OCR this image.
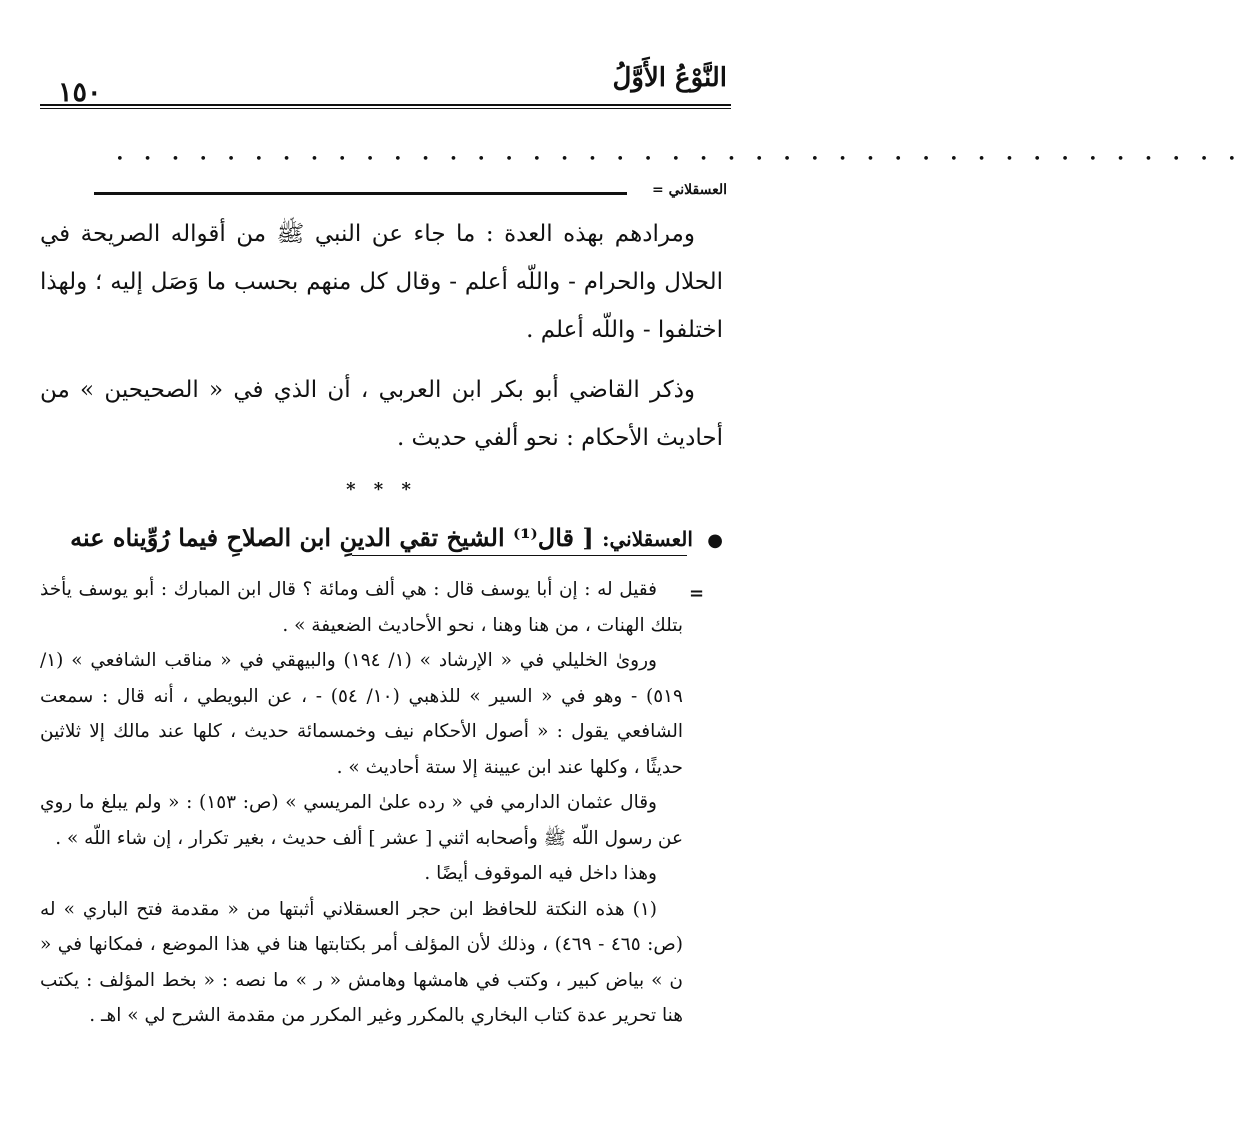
١٥٠	النَّوْعُ الأَوَّلُ
• • • • • • • • • • • • • • • • • • • • • • • • • • • • • • • • • • • • • • • • •
العسقلاني =

ومرادهم بهذه العدة : ما جاء عن النبي ﷺ من أقواله الصريحة في الحلال والحرام - واللّه أعلم - وقال كل منهم بحسب ما وَصَل إليه ؛ ولهذا اختلفوا - واللّه أعلم .

وذكر القاضي أبو بكر ابن العربي ، أن الذي في « الصحيحين » من أحاديث الأحكام : نحو ألفي حديث .

* * *

● العسقلاني: [ قال⁽¹⁾ الشيخ تقي الدينِ ابن الصلاحِ فيما رُوِّيناه عنه

=

فقيل له : إن أبا يوسف قال : هي ألف ومائة ؟ قال ابن المبارك : أبو يوسف يأخذ بتلك الهنات ، من هنا وهنا ، نحو الأحاديث الضعيفة » .

وروىٰ الخليلي في « الإرشاد » (١/ ١٩٤) والبيهقي في « مناقب الشافعي » (١/ ٥١٩) - وهو في « السير » للذهبي (١٠/ ٥٤) - ، عن البويطي ، أنه قال : سمعت الشافعي يقول : « أصول الأحكام نيف وخمسمائة حديث ، كلها عند مالك إلا ثلاثين حديثًا ، وكلها عند ابن عيينة إلا ستة أحاديث » .

وقال عثمان الدارمي في « رده علىٰ المريسي » (ص: ١٥٣) : « ولم يبلغ ما روي عن رسول اللّه ﷺ وأصحابه اثني [ عشر ] ألف حديث ، بغير تكرار ، إن شاء اللّه » .

وهذا داخل فيه الموقوف أيضًا .

(١) هذه النكتة للحافظ ابن حجر العسقلاني أثبتها من « مقدمة فتح الباري » له (ص: ٤٦٥ - ٤٦٩) ، وذلك لأن المؤلف أمر بكتابتها هنا في هذا الموضع ، فمكانها في « ن » بياض كبير ، وكتب في هامشها وهامش « ر » ما نصه : « بخط المؤلف : يكتب هنا تحرير عدة كتاب البخاري بالمكرر وغير المكرر من مقدمة الشرح لي » اهـ .
